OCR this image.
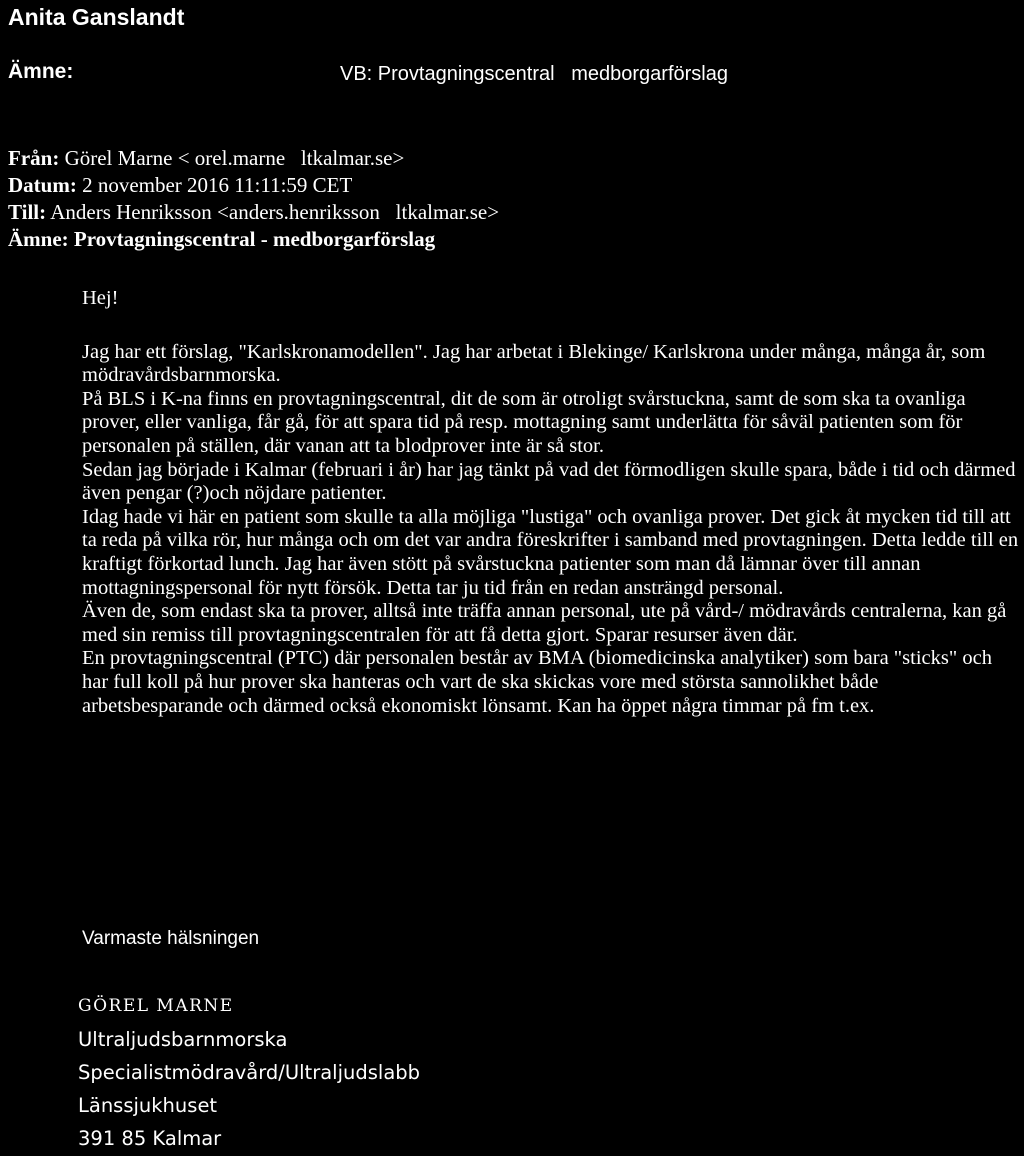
Anita Ganslandt
Ämne:	VB: Provtagningscentral   medborgarförslag
Från: Görel Marne < orel.marne   ltkalmar.se>
Datum: 2 november 2016 11:11:59 CET
Till: Anders Henriksson <anders.henriksson   ltkalmar.se>
Ämne: Provtagningscentral - medborgarförslag
Hej!
Jag har ett förslag, "Karlskronamodellen". Jag har arbetat i Blekinge/ Karlskrona under många, många år, som mödravårdsbarnmorska.
På BLS i K-na finns en provtagningscentral, dit de som är otroligt svårstuckna, samt de som ska ta ovanliga prover, eller vanliga, får gå, för att spara tid på resp. mottagning samt underlätta för såväl patienten som för personalen på ställen, där vanan att ta blodprover inte är så stor.
Sedan jag började i Kalmar (februari i år) har jag tänkt på vad det förmodligen skulle spara, både i tid och därmed även pengar (?)och nöjdare patienter.
Idag hade vi här en patient som skulle ta alla möjliga "lustiga" och ovanliga prover. Det gick åt mycken tid till att ta reda på vilka rör, hur många och om det var andra föreskrifter i samband med provtagningen. Detta ledde till en kraftigt förkortad lunch. Jag har även stött på svårstuckna patienter som man då lämnar över till annan mottagningspersonal för nytt försök. Detta tar ju tid från en redan ansträngd personal.
Även de, som endast ska ta prover, alltså inte träffa annan personal, ute på vård-/ mödravårds centralerna, kan gå med sin remiss till provtagningscentralen för att få detta gjort. Sparar resurser även där.
En provtagningscentral (PTC) där personalen består av BMA (biomedicinska analytiker) som bara "sticks" och har full koll på hur prover ska hanteras och vart de ska skickas vore med största sannolikhet både arbetsbesparande och därmed också ekonomiskt lönsamt. Kan ha öppet några timmar på fm t.ex.
Varmaste hälsningen
GÖREL MARNE
Ultraljudsbarnmorska
Specialistmödravård/Ultraljudslabb
Länssjukhuset
391 85 Kalmar
